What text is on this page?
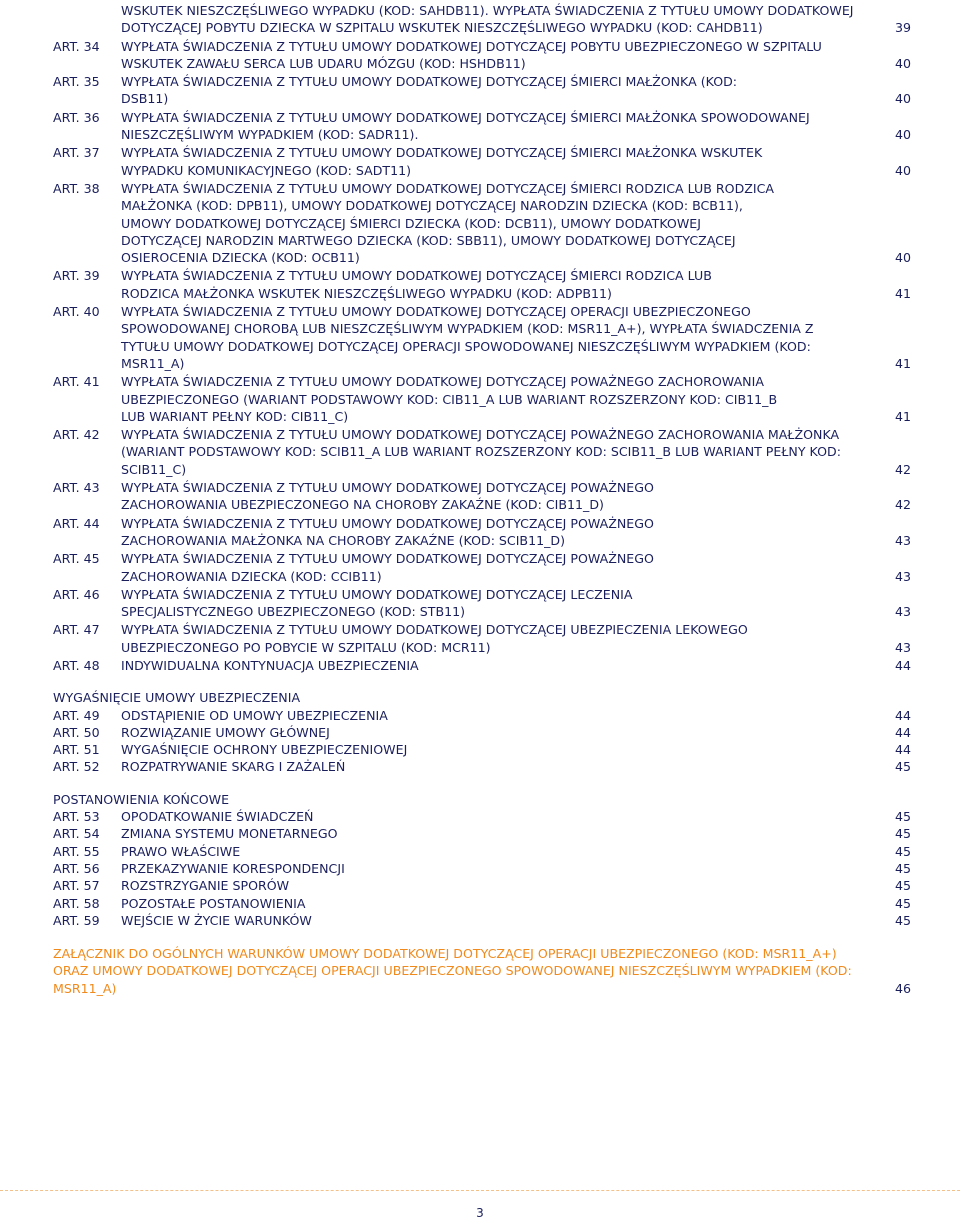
WSKUTEK NIESZCZĘŚLIWEGO WYPADKU (KOD: SAHDB11). WYPŁATA ŚWIADCZENIA Z TYTUŁU UMOWY DODATKOWEJ DOTYCZĄCEJ POBYTU DZIECKA W SZPITALU WSKUTEK NIESZCZĘŚLIWEGO WYPADKU (KOD: CAHDB11)	39
ART. 34	WYPŁATA ŚWIADCZENIA Z TYTUŁU UMOWY DODATKOWEJ DOTYCZĄCEJ POBYTU UBEZPIECZONEGO W SZPITALU WSKUTEK ZAWAŁU SERCA LUB UDARU MÓZGU (KOD: HSHDB11)	40
ART. 35	WYPŁATA ŚWIADCZENIA Z TYTUŁU UMOWY DODATKOWEJ DOTYCZĄCEJ ŚMIERCI MAŁŻONKA (KOD: DSB11)	40
ART. 36	WYPŁATA ŚWIADCZENIA Z TYTUŁU UMOWY DODATKOWEJ DOTYCZĄCEJ ŚMIERCI MAŁŻONKA SPOWODOWANEJ NIESZCZĘŚLIWYM WYPADKIEM (KOD: SADR11).	40
ART. 37	WYPŁATA ŚWIADCZENIA Z TYTUŁU UMOWY DODATKOWEJ DOTYCZĄCEJ ŚMIERCI MAŁŻONKA WSKUTEK WYPADKU KOMUNIKACYJNEGO (KOD: SADT11)	40
ART. 38	WYPŁATA ŚWIADCZENIA Z TYTUŁU UMOWY DODATKOWEJ DOTYCZĄCEJ ŚMIERCI RODZICA LUB RODZICA MAŁŻONKA (KOD: DPB11), UMOWY DODATKOWEJ DOTYCZĄCEJ NARODZIN DZIECKA (KOD: BCB11), UMOWY DODATKOWEJ DOTYCZĄCEJ ŚMIERCI DZIECKA (KOD: DCB11), UMOWY DODATKOWEJ DOTYCZĄCEJ NARODZIN MARTWEGO DZIECKA (KOD: SBB11), UMOWY DODATKOWEJ DOTYCZĄCEJ OSIEROCENIA DZIECKA (KOD: OCB11)	40
ART. 39	WYPŁATA ŚWIADCZENIA Z TYTUŁU UMOWY DODATKOWEJ DOTYCZĄCEJ ŚMIERCI RODZICA LUB RODZICA MAŁŻONKA WSKUTEK NIESZCZĘŚLIWEGO WYPADKU (KOD: ADPB11)	41
ART. 40	WYPŁATA ŚWIADCZENIA Z TYTUŁU UMOWY DODATKOWEJ DOTYCZĄCEJ OPERACJI UBEZPIECZONEGO SPOWODOWANEJ CHOROBĄ LUB NIESZCZĘŚLIWYM WYPADKIEM (KOD: MSR11_A+), WYPŁATA ŚWIADCZENIA Z TYTUŁU UMOWY DODATKOWEJ DOTYCZĄCEJ OPERACJI SPOWODOWANEJ NIESZCZĘŚLIWYM WYPADKIEM (KOD: MSR11_A)	41
ART. 41	WYPŁATA ŚWIADCZENIA Z TYTUŁU UMOWY DODATKOWEJ DOTYCZĄCEJ POWAŻNEGO ZACHOROWANIA UBEZPIECZONEGO (WARIANT PODSTAWOWY KOD: CIB11_A LUB WARIANT ROZSZERZONY KOD: CIB11_B LUB WARIANT PEŁNY KOD: CIB11_C)	41
ART. 42	WYPŁATA ŚWIADCZENIA Z TYTUŁU UMOWY DODATKOWEJ DOTYCZĄCEJ POWAŻNEGO ZACHOROWANIA MAŁŻONKA (WARIANT PODSTAWOWY KOD: SCIB11_A LUB WARIANT ROZSZERZONY KOD: SCIB11_B LUB WARIANT PEŁNY KOD: SCIB11_C)	42
ART. 43	WYPŁATA ŚWIADCZENIA Z TYTUŁU UMOWY DODATKOWEJ DOTYCZĄCEJ POWAŻNEGO ZACHOROWANIA UBEZPIECZONEGO NA CHOROBY ZAKAŹNE (KOD: CIB11_D)	42
ART. 44	WYPŁATA ŚWIADCZENIA Z TYTUŁU UMOWY DODATKOWEJ DOTYCZĄCEJ POWAŻNEGO ZACHOROWANIA MAŁŻONKA NA CHOROBY ZAKAŹNE (KOD: SCIB11_D)	43
ART. 45	WYPŁATA ŚWIADCZENIA Z TYTUŁU UMOWY DODATKOWEJ DOTYCZĄCEJ POWAŻNEGO ZACHOROWANIA DZIECKA (KOD: CCIB11)	43
ART. 46	WYPŁATA ŚWIADCZENIA Z TYTUŁU UMOWY DODATKOWEJ DOTYCZĄCEJ LECZENIA SPECJALISTYCZNEGO UBEZPIECZONEGO (KOD: STB11)	43
ART. 47	WYPŁATA ŚWIADCZENIA Z TYTUŁU UMOWY DODATKOWEJ DOTYCZĄCEJ UBEZPIECZENIA LEKOWEGO UBEZPIECZONEGO PO POBYCIE W SZPITALU (KOD: MCR11)	43
ART. 48	INDYWIDUALNA KONTYNUACJA UBEZPIECZENIA	44
WYGAŚNIĘCIE UMOWY UBEZPIECZENIA
ART. 49	ODSTĄPIENIE OD UMOWY UBEZPIECZENIA	44
ART. 50	ROZWIĄZANIE UMOWY GŁÓWNEJ	44
ART. 51	WYGAŚNIĘCIE OCHRONY UBEZPIECZENIOWEJ	44
ART. 52	ROZPATRYWANIE SKARG I ZAŻALEŃ	45
POSTANOWIENIA KOŃCOWE
ART. 53	OPODATKOWANIE ŚWIADCZEŃ	45
ART. 54	ZMIANA SYSTEMU MONETARNEGO	45
ART. 55	PRAWO WŁAŚCIWE	45
ART. 56	PRZEKAZYWANIE KORESPONDENCJI	45
ART. 57	ROZSTRZYGANIE SPORÓW	45
ART. 58	POZOSTAŁE POSTANOWIENIA	45
ART. 59	WEJŚCIE W ŻYCIE WARUNKÓW	45
ZAŁĄCZNIK DO OGÓLNYCH WARUNKÓW UMOWY DODATKOWEJ DOTYCZĄCEJ OPERACJI UBEZPIECZONEGO (KOD: MSR11_A+) ORAZ UMOWY DODATKOWEJ DOTYCZĄCEJ OPERACJI UBEZPIECZONEGO SPOWODOWANEJ NIESZCZĘŚLIWYM WYPADKIEM (KOD: MSR11_A)	46
3
